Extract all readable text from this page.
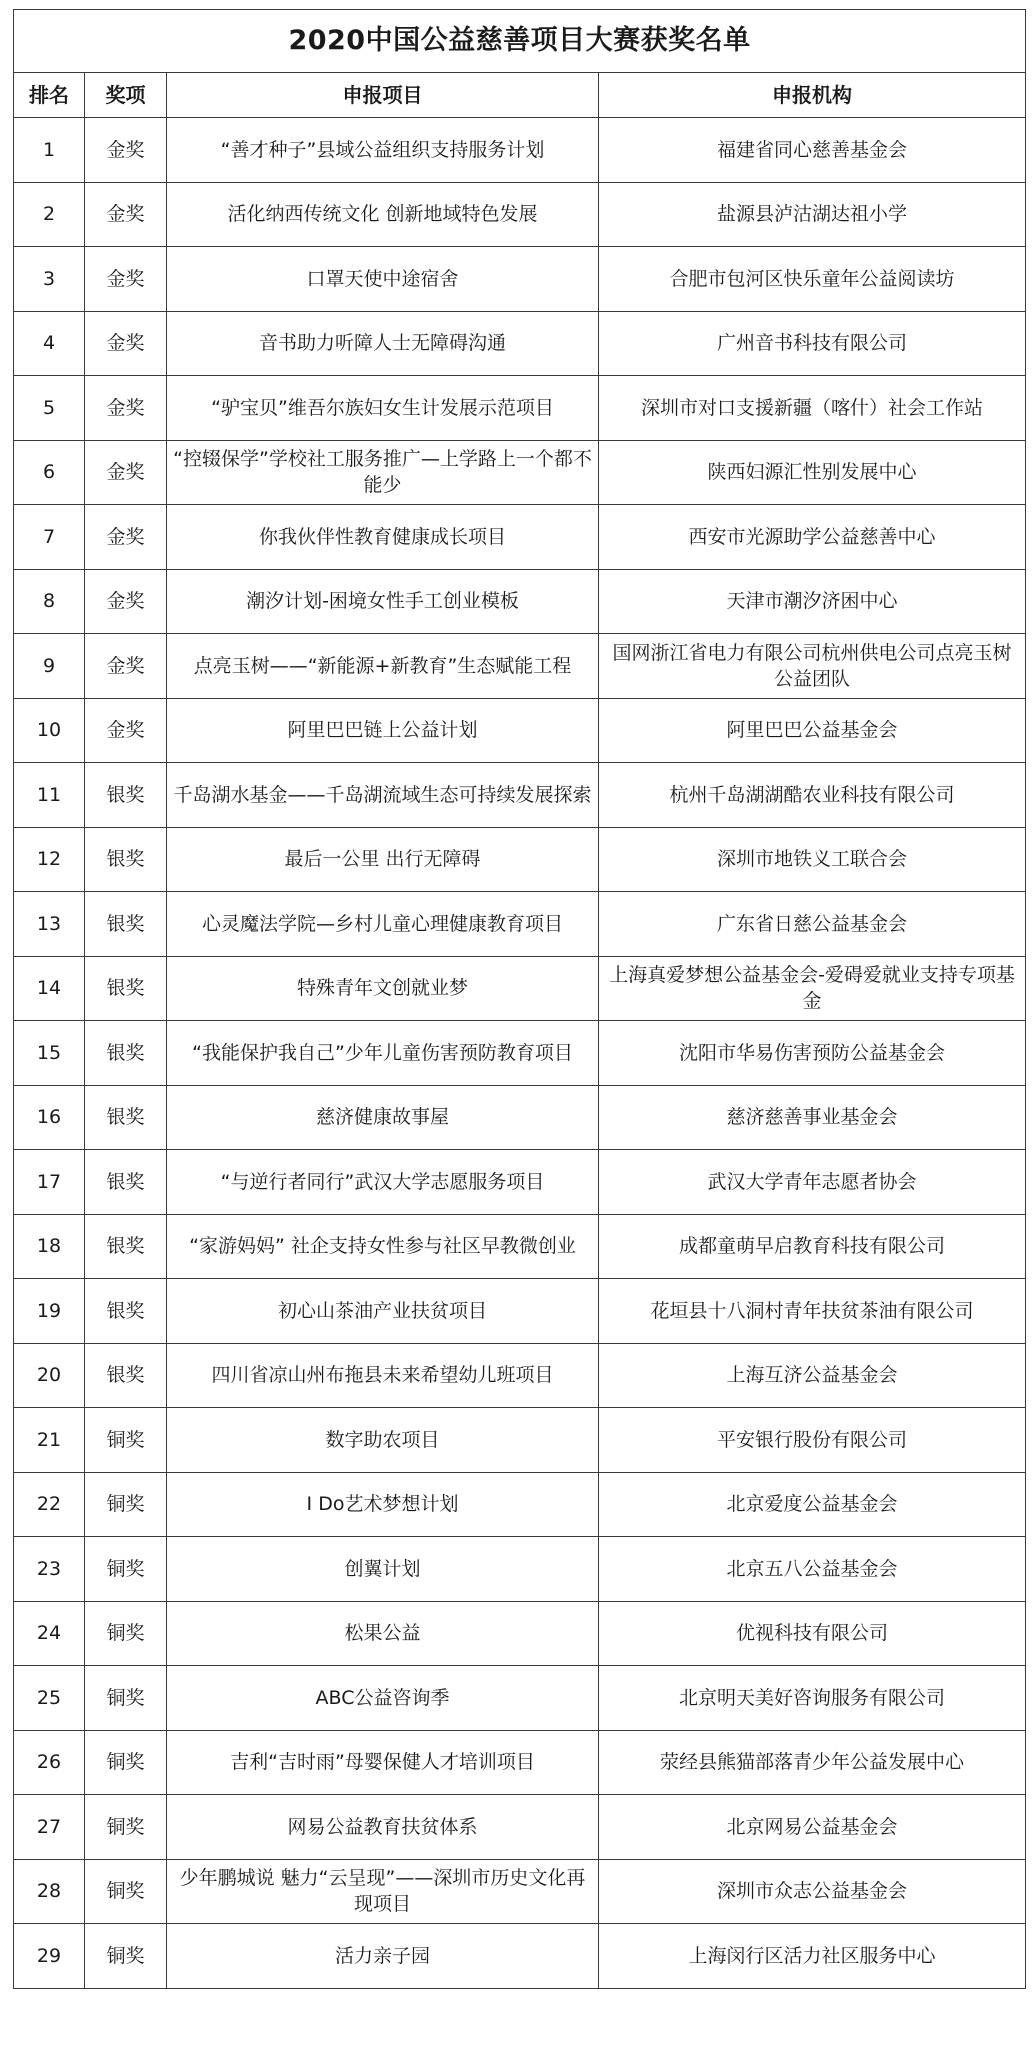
2020中国公益慈善项目大赛获奖名单			
排名	奖项	申报项目	申报机构
1	金奖	“善才种子”县域公益组织支持服务计划	福建省同心慈善基金会
2	金奖	活化纳西传统文化 创新地域特色发展	盐源县泸沽湖达祖小学
3	金奖	口罩天使中途宿舍	合肥市包河区快乐童年公益阅读坊
4	金奖	音书助力听障人士无障碍沟通	广州音书科技有限公司
5	金奖	“驴宝贝”维吾尔族妇女生计发展示范项目	深圳市对口支援新疆（喀什）社会工作站
6	金奖	“控辍保学”学校社工服务推广—上学路上一个都不能少	陕西妇源汇性别发展中心
7	金奖	你我伙伴性教育健康成长项目	西安市光源助学公益慈善中心
8	金奖	潮汐计划-困境女性手工创业模板	天津市潮汐济困中心
9	金奖	点亮玉树——“新能源+新教育”生态赋能工程	国网浙江省电力有限公司杭州供电公司点亮玉树公益团队
10	金奖	阿里巴巴链上公益计划	阿里巴巴公益基金会
11	银奖	千岛湖水基金——千岛湖流域生态可持续发展探索	杭州千岛湖湖酷农业科技有限公司
12	银奖	最后一公里 出行无障碍	深圳市地铁义工联合会
13	银奖	心灵魔法学院—乡村儿童心理健康教育项目	广东省日慈公益基金会
14	银奖	特殊青年文创就业梦	上海真爱梦想公益基金会-爱碍爱就业支持专项基金
15	银奖	“我能保护我自己”少年儿童伤害预防教育项目	沈阳市华易伤害预防公益基金会
16	银奖	慈济健康故事屋	慈济慈善事业基金会
17	银奖	“与逆行者同行”武汉大学志愿服务项目	武汉大学青年志愿者协会
18	银奖	“家游妈妈” 社企支持女性参与社区早教微创业	成都童萌早启教育科技有限公司
19	银奖	初心山茶油产业扶贫项目	花垣县十八洞村青年扶贫茶油有限公司
20	银奖	四川省凉山州布拖县未来希望幼儿班项目	上海互济公益基金会
21	铜奖	数字助农项目	平安银行股份有限公司
22	铜奖	I Do艺术梦想计划	北京爱度公益基金会
23	铜奖	创翼计划	北京五八公益基金会
24	铜奖	松果公益	优视科技有限公司
25	铜奖	ABC公益咨询季	北京明天美好咨询服务有限公司
26	铜奖	吉利“吉时雨”母婴保健人才培训项目	荥经县熊猫部落青少年公益发展中心
27	铜奖	网易公益教育扶贫体系	北京网易公益基金会
28	铜奖	少年鹏城说 魅力“云呈现”——深圳市历史文化再现项目	深圳市众志公益基金会
29	铜奖	活力亲子园	上海闵行区活力社区服务中心
